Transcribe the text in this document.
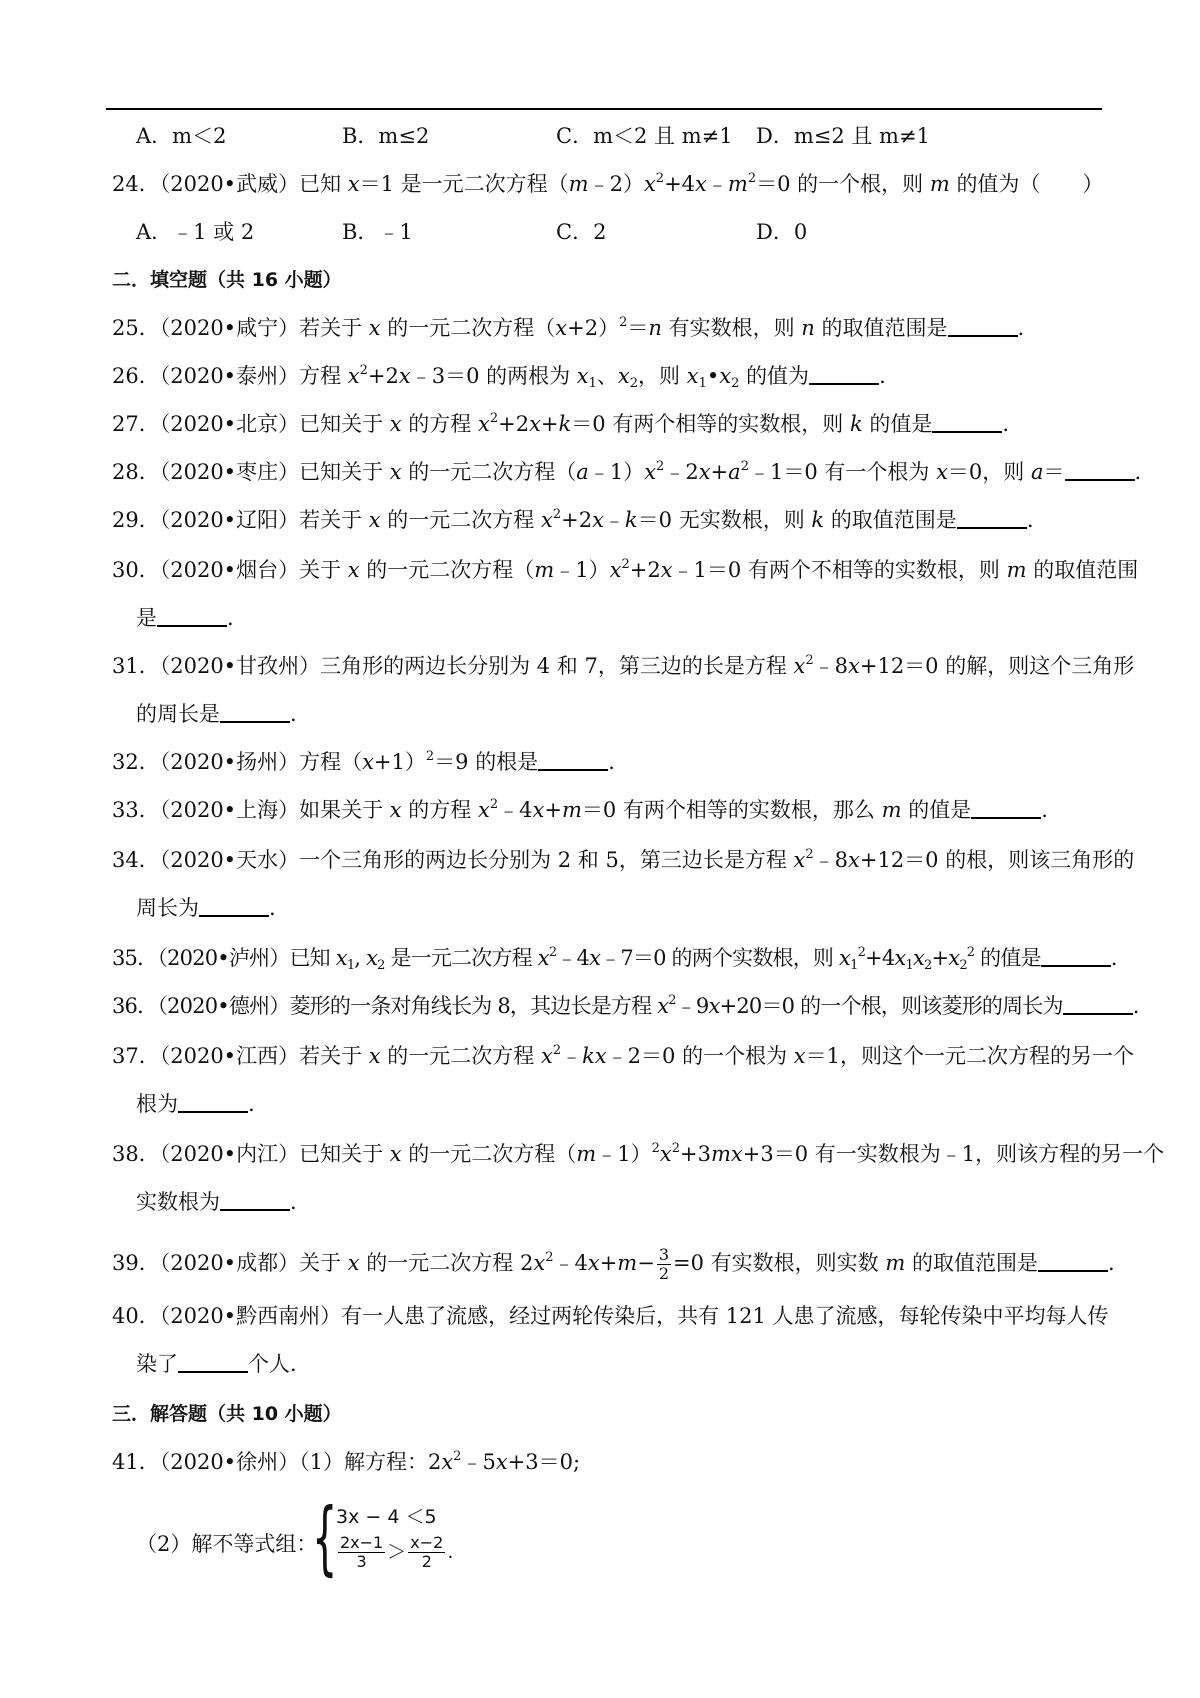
A．m＜2	B．m≤2	C．m＜2 且 m≠1 D．m≤2 且 m≠1
24．（2020•武威）已知 x＝1 是一元二次方程$(m﹣2)x^2+4x﹣m^2=0$ 的一个根，则 m 的值为（　　）
A．﹣1 或 2	B．﹣1	C．2	D．0
二．填空题（共 16 小题）
25．（2020•咸宁）若关于 x 的一元二次方程$(x+2)^2=n$ 有实数根，则 n 的取值范围是	.
26．（2020•泰州）方程 $x^2+2x﹣3=0$ 的两根为 $x_1$、$x_2$，则 $x_1•x_2$ 的值为	.
27．（2020•北京）已知关于 x 的方程 $x^2+2x+k=0$ 有两个相等的实数根，则 k 的值是	.
28．（2020•枣庄）已知关于 x 的一元二次方程$(a﹣1)x^2﹣2x+a^2﹣1=0$ 有一个根为 x＝0，则 a＝	.
29．（2020•辽阳）若关于 x 的一元二次方程 $x^2+2x﹣k=0$ 无实数根，则 k 的取值范围是	.
30．（2020•烟台）关于 x 的一元二次方程$(m﹣1)x^2+2x﹣1=0$ 有两个不相等的实数根，则 m 的取值范围
是	.
31．（2020•甘孜州）三角形的两边长分别为 4 和 7，第三边的长是方程 $x^2﹣8x+12=0$ 的解，则这个三角形
的周长是	.
32．（2020•扬州）方程$(x+1)^2=9$ 的根是	.
33．（2020•上海）如果关于 x 的方程 $x^2﹣4x+m=0$ 有两个相等的实数根，那么 m 的值是	.
34．（2020•天水）一个三角形的两边长分别为 2 和 5，第三边长是方程 $x^2﹣8x+12=0$ 的根，则该三角形的
周长为	.
35．（2020•泸州）已知 $x_1$, $x_2$ 是一元二次方程 $x^2﹣4x﹣7=0$ 的两个实数根，则 $x_1^2+4x_1x_2+x_2^2$ 的值是	.
36．（2020•德州）菱形的一条对角线长为 8，其边长是方程 $x^2﹣9x+20=0$ 的一个根，则该菱形的周长为	.
37．（2020•江西）若关于 x 的一元二次方程 $x^2﹣kx﹣2=0$ 的一个根为 x＝1，则这个一元二次方程的另一个
根为	.
38．（2020•内江）已知关于 x 的一元二次方程$(m﹣1)^2x^2+3mx+3=0$ 有一实数根为﹣1，则该方程的另一个
实数根为	.
39．（2020•成都）关于 x 的一元二次方程 $2x^2﹣4x+m- \frac{3}{2} =0$ 有实数根，则实数 m 的取值范围是	.
40．（2020•黔西南州）有一人患了流感，经过两轮传染后，共有 121 人患了流感，每轮传染中平均每人传
染了	个人.
三．解答题（共 10 小题）
41．（2020•徐州）（1）解方程：$2x^2﹣5x+3=0$;
（2）解不等式组：
{
3x − 4 ＜5
$\frac{2x-1}{3} > \frac{x-2}{2}$ .
